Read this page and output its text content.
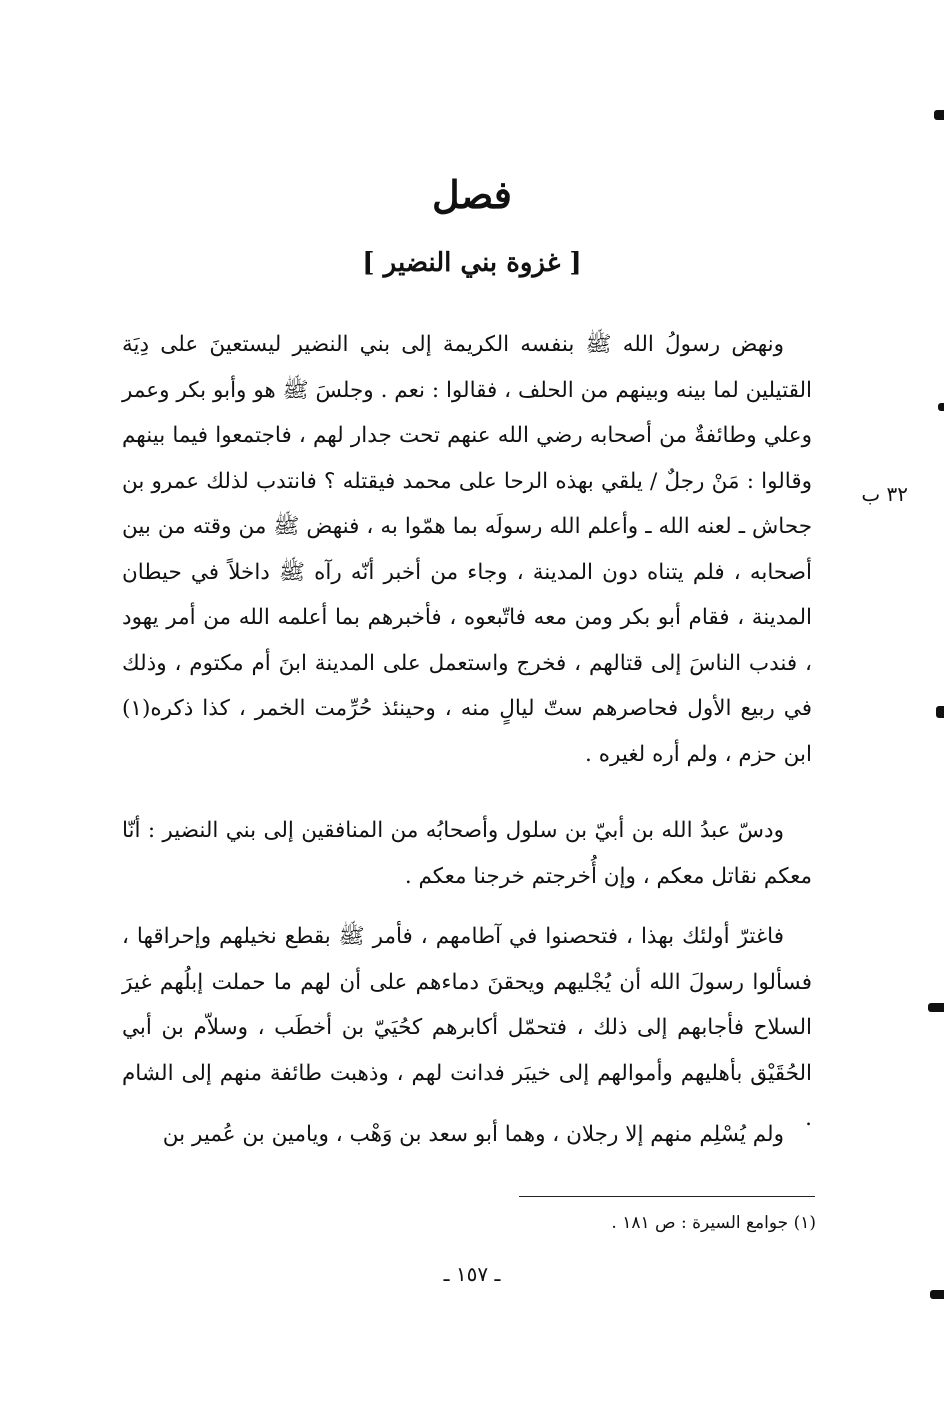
فصل
[ غزوة بني النضير ]
٣٢ ب

ونهض رسولُ الله ﷺ بنفسه الكريمة إلى بني النضير ليستعينَ على دِيَة القتيلين لما بينه وبينهم من الحلف ، فقالوا : نعم . وجلسَ ﷺ هو وأبو بكر وعمر وعلي وطائفةٌ من أصحابه رضي الله عنهم تحت جدار لهم ، فاجتمعوا فيما بينهم وقالوا : مَنْ رجلٌ / يلقي بهذه الرحا على محمد فيقتله ؟ فانتدب لذلك عمرو بن جحاش ـ لعنه الله ـ وأعلم الله رسولَه بما همّوا به ، فنهض ﷺ من وقته من بين أصحابه ، فلم يتناه دون المدينة ، وجاء من أخبر أنّه رآه ﷺ داخلاً في حيطان المدينة ، فقام أبو بكر ومن معه فاتّبعوه ، فأخبرهم بما أعلمه الله من أمر يهود ، فندب الناسَ إلى قتالهم ، فخرج واستعمل على المدينة ابنَ أم مكتوم ، وذلك في ربيع الأول فحاصرهم ستّ ليالٍ منه ، وحينئذ حُرِّمت الخمر ، كذا ذكره(١) ابن حزم ، ولم أره لغيره .

ودسّ عبدُ الله بن أبيّ بن سلول وأصحابُه من المنافقين إلى بني النضير : أنّا معكم نقاتل معكم ، وإن أُخرجتم خرجنا معكم .

فاغترّ أولئك بهذا ، فتحصنوا في آطامهم ، فأمر ﷺ بقطع نخيلهم وإحراقها ، فسألوا رسولَ الله أن يُجْليهم ويحقنَ دماءهم على أن لهم ما حملت إبلُهم غيرَ السلاح فأجابهم إلى ذلك ، فتحمّل أكابرهم كحُيَيّ بن أخطَب ، وسلاّم بن أبي الحُقَيْق بأهليهم وأموالهم إلى خيبَر فدانت لهم ، وذهبت طائفة منهم إلى الشام .

ولم يُسْلِم منهم إلا رجلان ، وهما أبو سعد بن وَهْب ، ويامين بن عُمير بن

(١) جوامع السيرة : ص ١٨١ .
ـ ١٥٧ ـ
